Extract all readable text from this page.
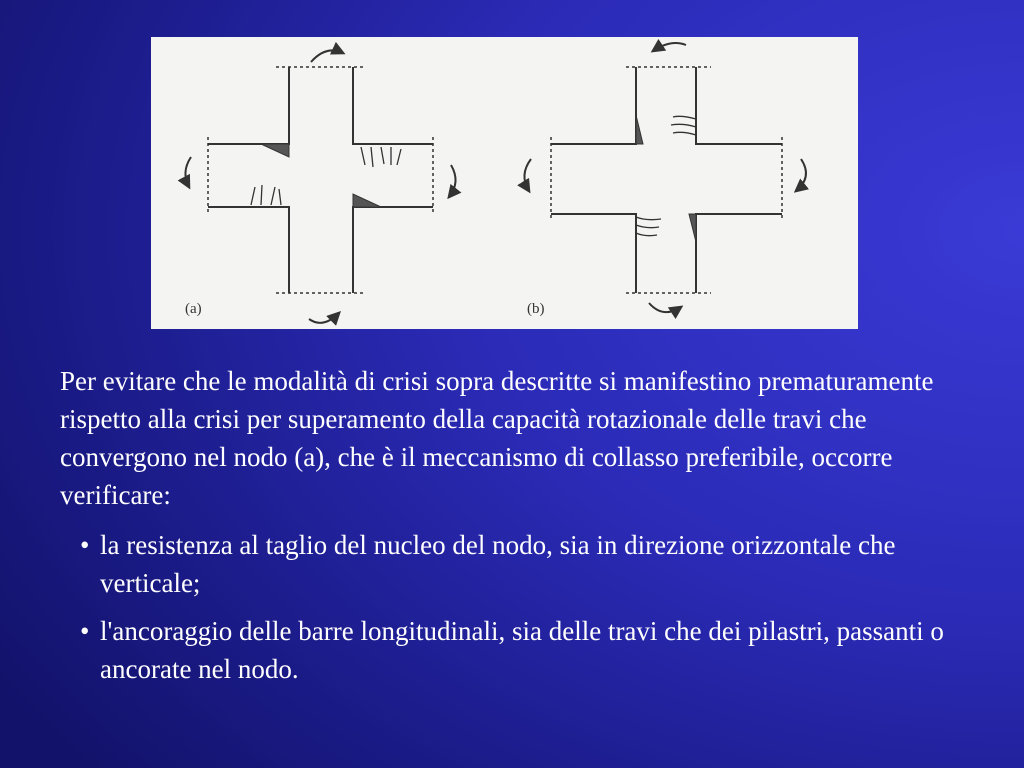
(a)	(b)

Per evitare che le modalità di crisi sopra descritte si manifestino prematuramente rispetto alla crisi per superamento della capacità rotazionale delle travi che convergono nel nodo (a), che è il meccanismo di collasso preferibile, occorre verificare:

• la resistenza al taglio del nucleo del nodo, sia in direzione orizzontale che verticale;
• l'ancoraggio delle barre longitudinali, sia delle travi che dei pilastri, passanti o ancorate nel nodo.
